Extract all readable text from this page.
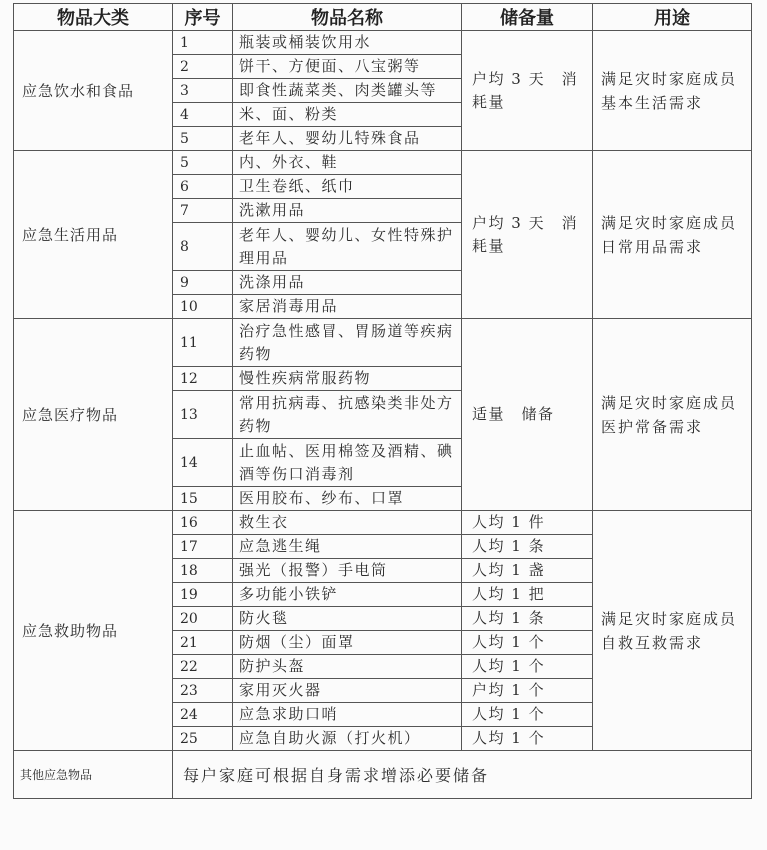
物品大类	序号	物品名称	储备量	用途
应急饮水和食品	1	瓶装或桶装饮用水	户均 3 天　消耗量	满足灾时家庭成员基本生活需求
	2	饼干、方便面、八宝粥等		
	3	即食性蔬菜类、肉类罐头等		
	4	米、面、粉类		
	5	老年人、婴幼儿特殊食品		
应急生活用品	5	内、外衣、鞋	户均 3 天　消耗量	满足灾时家庭成员日常用品需求
	6	卫生卷纸、纸巾		
	7	洗漱用品		
	8	老年人、婴幼儿、女性特殊护理用品		
	9	洗涤用品		
	10	家居消毒用品		
应急医疗物品	11	治疗急性感冒、胃肠道等疾病药物	适量　储备	满足灾时家庭成员医护常备需求
	12	慢性疾病常服药物		
	13	常用抗病毒、抗感染类非处方药物		
	14	止血帖、医用棉签及酒精、碘酒等伤口消毒剂		
	15	医用胶布、纱布、口罩		
应急救助物品	16	救生衣	人均 1 件	满足灾时家庭成员自救互救需求
	17	应急逃生绳	人均 1 条	
	18	强光（报警）手电筒	人均 1 盏	
	19	多功能小铁铲	人均 1 把	
	20	防火毯	人均 1 条	
	21	防烟（尘）面罩	人均 1 个	
	22	防护头盔	人均 1 个	
	23	家用灭火器	户均 1 个	
	24	应急求助口哨	人均 1 个	
	25	应急自助火源（打火机）	人均 1 个	
其他应急物品	每户家庭可根据自身需求增添必要储备			
